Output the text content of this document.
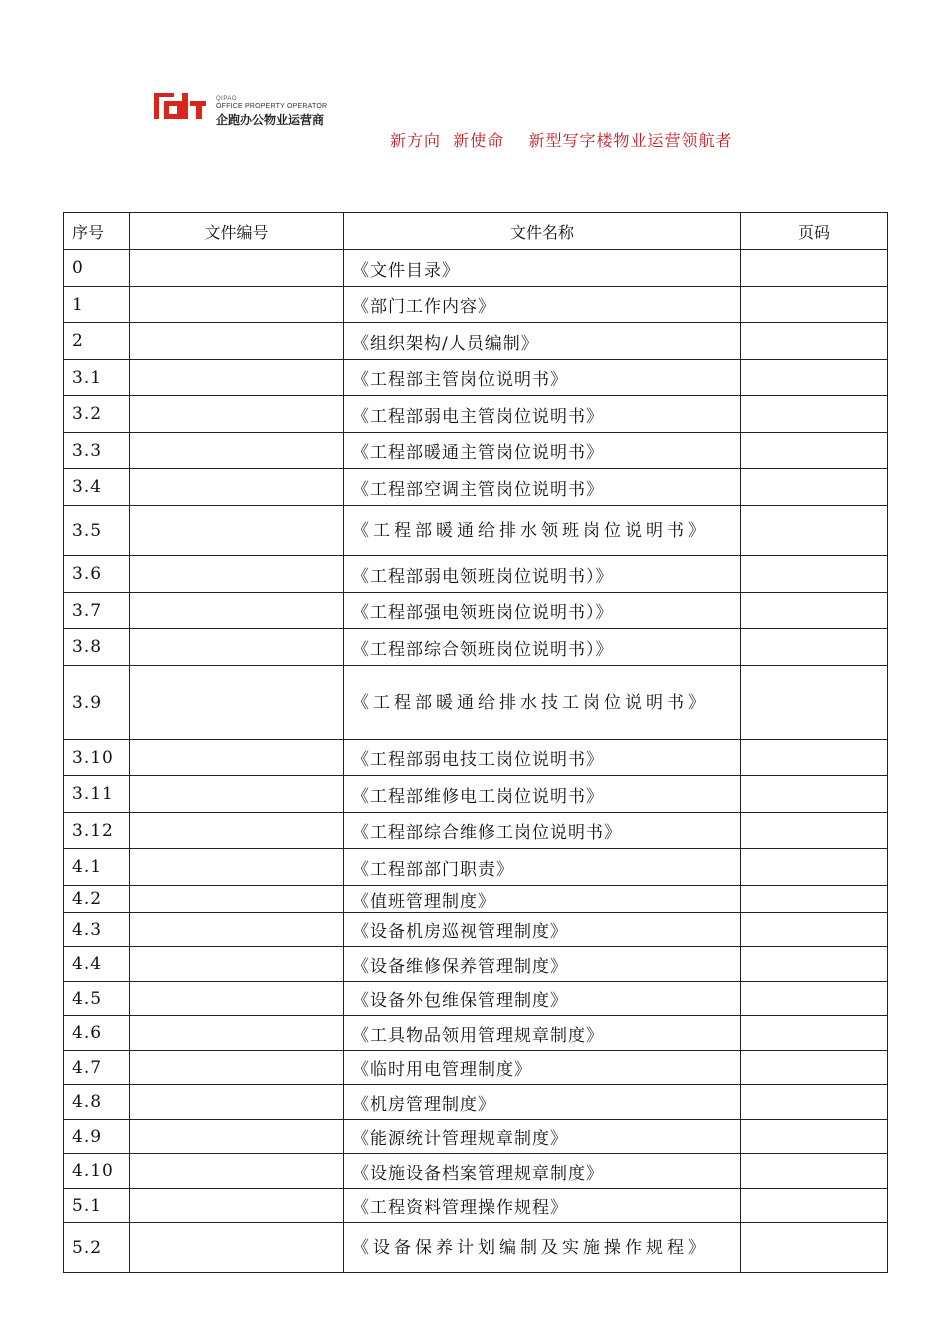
QIPAO
OFFICE PROPERTY OPERATOR
企跑办公物业运营商
新方向  新使命    新型写字楼物业运营领航者
序号	文件编号	文件名称	页码
0		《文件目录》	
1		《部门工作内容》	
2		《组织架构/人员编制》	
3.1		《工程部主管岗位说明书》	
3.2		《工程部弱电主管岗位说明书》	
3.3		《工程部暖通主管岗位说明书》	
3.4		《工程部空调主管岗位说明书》	
3.5		《工程部暖通给排水领班岗位说明书》	
3.6		《工程部弱电领班岗位说明书）》	
3.7		《工程部强电领班岗位说明书）》	
3.8		《工程部综合领班岗位说明书）》	
3.9		《工程部暖通给排水技工岗位说明书》	
3.10		《工程部弱电技工岗位说明书》	
3.11		《工程部维修电工岗位说明书》	
3.12		《工程部综合维修工岗位说明书》	
4.1		《工程部部门职责》	
4.2		《值班管理制度》	
4.3		《设备机房巡视管理制度》	
4.4		《设备维修保养管理制度》	
4.5		《设备外包维保管理制度》	
4.6		《工具物品领用管理规章制度》	
4.7		《临时用电管理制度》	
4.8		《机房管理制度》	
4.9		《能源统计管理规章制度》	
4.10		《设施设备档案管理规章制度》	
5.1		《工程资料管理操作规程》	
5.2		《设备保养计划编制及实施操作规程》	
